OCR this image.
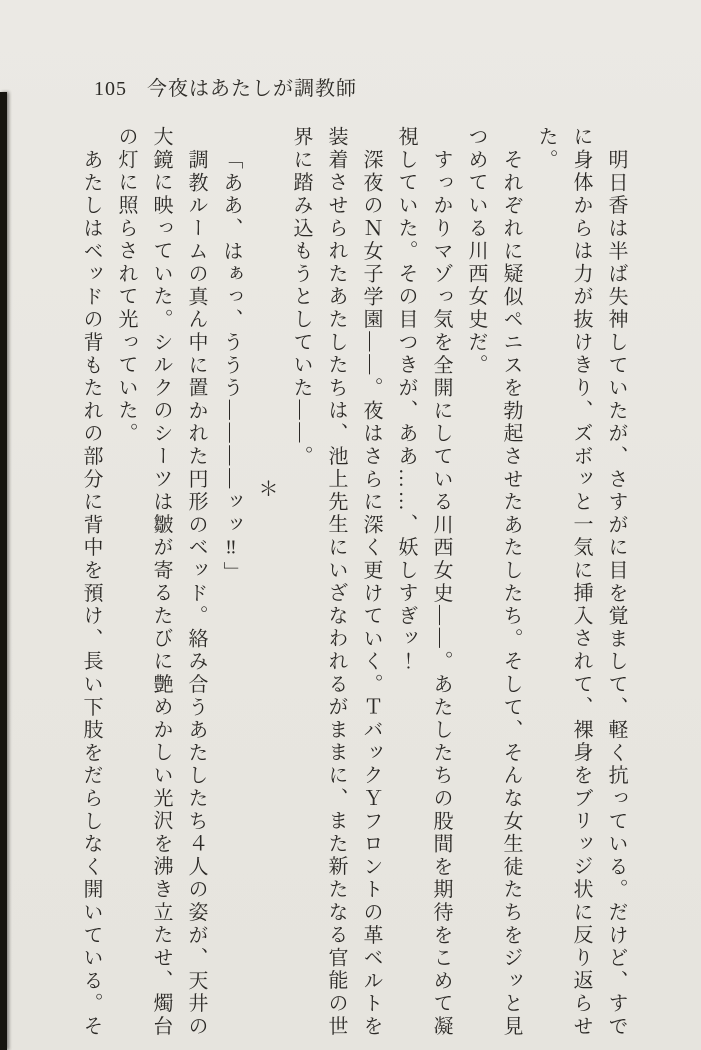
105 今夜はあたしが調教師

明日香は半ば失神していたが、さすがに目を覚まして、軽く抗っている。だけど、すでに身体からは力が抜けきり、ズボッと一気に挿入されて、裸身をブリッジ状に反り返らせた。

それぞれに疑似ペニスを勃起させたあたしたち。そして、そんな女生徒たちをジッと見つめている川西女史だ。

すっかりマゾっ気を全開にしている川西女史――。あたしたちの股間を期待をこめて凝視していた。その目つきが、ああ……、妖しすぎッ！

深夜のＮ女子学園――。夜はさらに深く更けていく。ＴバックＹフロントの革ベルトを装着させられたあたしたちは、池上先生にいざなわれるがままに、また新たなる官能の世界に踏み込もうとしていた――。

＊

「ああ、はぁっ、ううう――――ッッ‼」

調教ルームの真ん中に置かれた円形のベッド。絡み合うあたしたち４人の姿が、天井の大鏡に映っていた。シルクのシーツは皺が寄るたびに艶めかしい光沢を沸き立たせ、燭台の灯に照らされて光っていた。

あたしはベッドの背もたれの部分に背中を預け、長い下肢をだらしなく開いている。そ
